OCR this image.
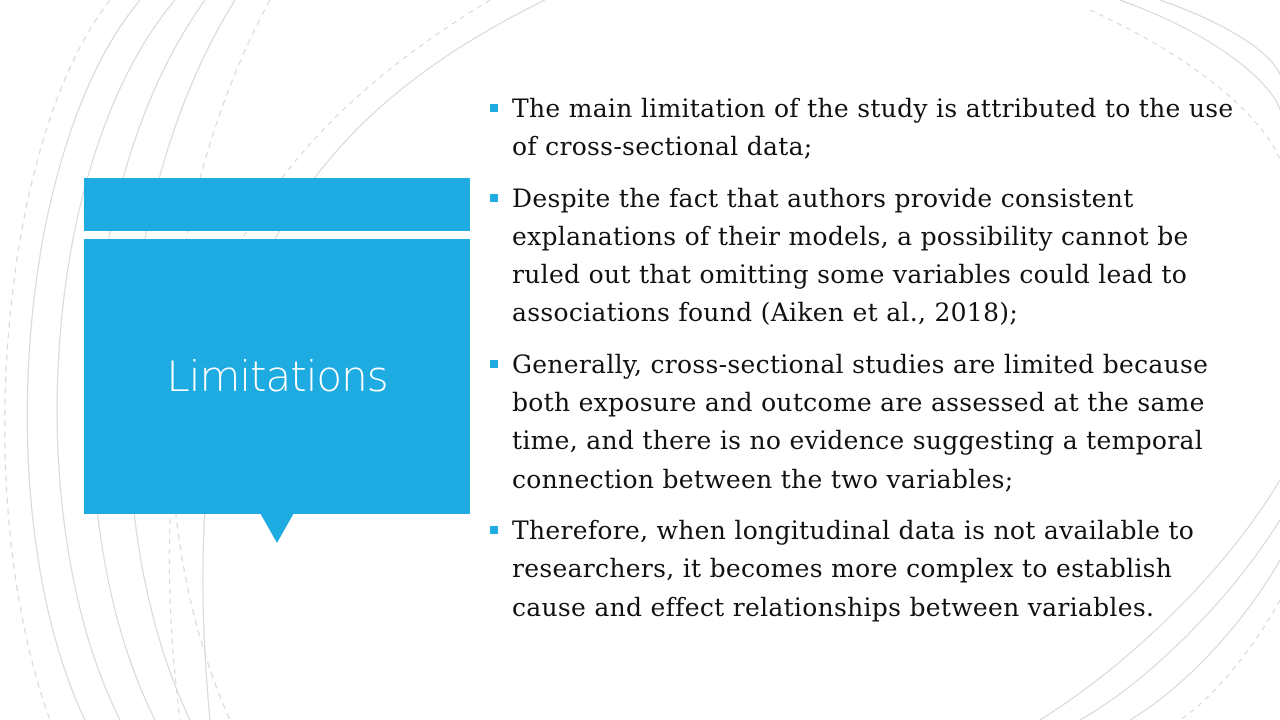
Limitations
The main limitation of the study is attributed to the use of cross-sectional data;
Despite the fact that authors provide consistent explanations of their models, a possibility cannot be ruled out that omitting some variables could lead to associations found (Aiken et al., 2018);
Generally, cross-sectional studies are limited because both exposure and outcome are assessed at the same time, and there is no evidence suggesting a temporal connection between the two variables;
Therefore, when longitudinal data is not available to researchers, it becomes more complex to establish cause and effect relationships between variables.
